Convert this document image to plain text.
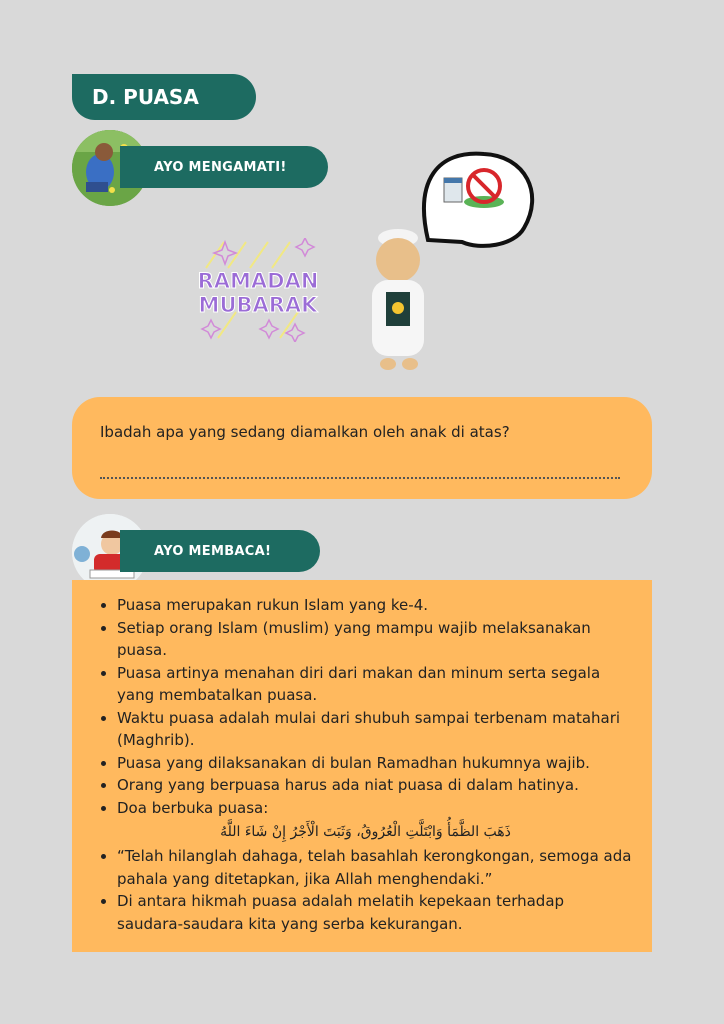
D. PUASA
AYO MENGAMATI!
RAMADAN
MUBARAK
Ibadah apa yang sedang diamalkan oleh anak di atas?
AYO MEMBACA!
• Puasa merupakan rukun Islam yang ke-4.
• Setiap orang Islam (muslim) yang mampu wajib melaksanakan puasa.
• Puasa artinya menahan diri dari makan dan minum serta segala yang membatalkan puasa.
• Waktu puasa adalah mulai dari shubuh sampai terbenam matahari (Maghrib).
• Puasa yang dilaksanakan di bulan Ramadhan hukumnya wajib.
• Orang yang berpuasa harus ada niat puasa di dalam hatinya.
• Doa berbuka puasa:
ذَهَبَ الظَّمَأُ وَابْتَلَّتِ الْعُرُوقُ، وَثَبَتَ الْأَجْرُ إِنْ شَاءَ اللَّهُ
• “Telah hilanglah dahaga, telah basahlah kerongkongan, semoga ada pahala yang ditetapkan, jika Allah menghendaki.”
• Di antara hikmah puasa adalah melatih kepekaan terhadap saudara-saudara kita yang serba kekurangan.
